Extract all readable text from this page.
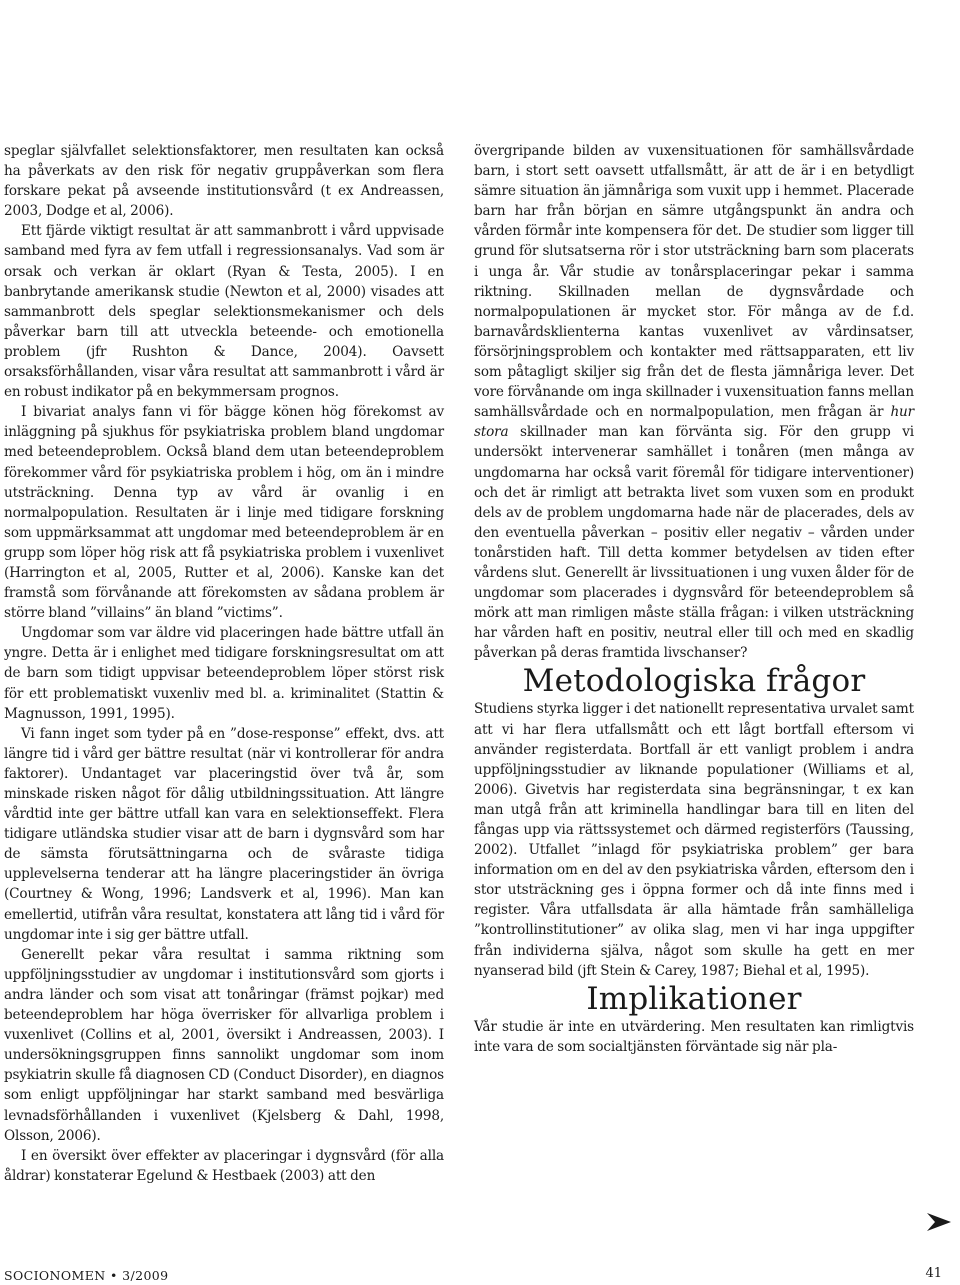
speglar självfallet selektionsfaktorer, men resultaten kan också ha påverkats av den risk för negativ gruppåverkan som flera forskare pekat på avseende institutionsvård (t ex Andreassen, 2003, Dodge et al, 2006).

Ett fjärde viktigt resultat är att sammanbrott i vård uppvisade samband med fyra av fem utfall i regressionsanalys. Vad som är orsak och verkan är oklart (Ryan & Testa, 2005). I en banbrytande amerikansk studie (Newton et al, 2000) visades att sammanbrott dels speglar selektionsmekanismer och dels påverkar barn till att utveckla beteende- och emotionella problem (jfr Rushton & Dance, 2004). Oavsett orsaksförhållanden, visar våra resultat att sammanbrott i vård är en robust indikator på en bekymmersam prognos.

I bivariat analys fann vi för bägge könen hög förekomst av inläggning på sjukhus för psykiatriska problem bland ungdomar med beteendeproblem. Också bland dem utan beteendeproblem förekommer vård för psykiatriska problem i hög, om än i mindre utsträckning. Denna typ av vård är ovanlig i en normalpopulation. Resultaten är i linje med tidigare forskning som uppmärksammat att ungdomar med beteendeproblem är en grupp som löper hög risk att få psykiatriska problem i vuxenlivet (Harrington et al, 2005, Rutter et al, 2006). Kanske kan det framstå som förvånande att förekomsten av sådana problem är större bland ”villains” än bland ”victims”.

Ungdomar som var äldre vid placeringen hade bättre utfall än yngre. Detta är i enlighet med tidigare forskningsresultat om att de barn som tidigt uppvisar beteendeproblem löper störst risk för ett problematiskt vuxenliv med bl. a. kriminalitet (Stattin & Magnusson, 1991, 1995).

Vi fann inget som tyder på en ”dose-response” effekt, dvs. att längre tid i vård ger bättre resultat (när vi kontrollerar för andra faktorer). Undantaget var placeringstid över två år, som minskade risken något för dålig utbildningssituation. Att längre vårdtid inte ger bättre utfall kan vara en selektionseffekt. Flera tidigare utländska studier visar att de barn i dygnsvård som har de sämsta förutsättningarna och de svåraste tidiga upplevelserna tenderar att ha längre placeringstider än övriga (Courtney & Wong, 1996; Landsverk et al, 1996). Man kan emellertid, utifrån våra resultat, konstatera att lång tid i vård för ungdomar inte i sig ger bättre utfall.

Generellt pekar våra resultat i samma riktning som uppföljningsstudier av ungdomar i institutionsvård som gjorts i andra länder och som visat att tonåringar (främst pojkar) med beteendeproblem har höga överrisker för allvarliga problem i vuxenlivet (Collins et al, 2001, översikt i Andreassen, 2003). I undersökningsgruppen finns sannolikt ungdomar som inom psykiatrin skulle få diagnosen CD (Conduct Disorder), en diagnos som enligt uppföljningar har starkt samband med besvärliga levnadsförhållanden i vuxenlivet (Kjelsberg & Dahl, 1998, Olsson, 2006).

I en översikt över effekter av placeringar i dygnsvård (för alla åldrar) konstaterar Egelund & Hestbaek (2003) att den

övergripande bilden av vuxensituationen för samhällsvårdade barn, i stort sett oavsett utfallsmått, är att de är i en betydligt sämre situation än jämnåriga som vuxit upp i hemmet. Placerade barn har från början en sämre utgångspunkt än andra och vården förmår inte kompensera för det. De studier som ligger till grund för slutsatserna rör i stor utsträckning barn som placerats i unga år. Vår studie av tonårsplaceringar pekar i samma riktning. Skillnaden mellan de dygnsvårdade och normalpopulationen är mycket stor. För många av de f.d. barnavårdsklienterna kantas vuxenlivet av vårdinsatser, försörjningsproblem och kontakter med rättsapparaten, ett liv som påtagligt skiljer sig från det de flesta jämnåriga lever. Det vore förvånande om inga skillnader i vuxensituation fanns mellan samhällsvårdade och en normalpopulation, men frågan är hur stora skillnader man kan förvänta sig. För den grupp vi undersökt intervenerar samhället i tonåren (men många av ungdomarna har också varit föremål för tidigare interventioner) och det är rimligt att betrakta livet som vuxen som en produkt dels av de problem ungdomarna hade när de placerades, dels av den eventuella påverkan – positiv eller negativ – vården under tonårstiden haft. Till detta kommer betydelsen av tiden efter vårdens slut. Generellt är livssituationen i ung vuxen ålder för de ungdomar som placerades i dygnsvård för beteendeproblem så mörk att man rimligen måste ställa frågan: i vilken utsträckning har vården haft en positiv, neutral eller till och med en skadlig påverkan på deras framtida livschanser?

Metodologiska frågor

Studiens styrka ligger i det nationellt representativa urvalet samt att vi har flera utfallsmått och ett lågt bortfall eftersom vi använder registerdata. Bortfall är ett vanligt problem i andra uppföljningsstudier av liknande populationer (Williams et al, 2006). Givetvis har registerdata sina begränsningar, t ex kan man utgå från att kriminella handlingar bara till en liten del fångas upp via rättssystemet och därmed registerförs (Taussing, 2002). Utfallet ”inlagd för psykiatriska problem” ger bara information om en del av den psykiatriska vården, eftersom den i stor utsträckning ges i öppna former och då inte finns med i register. Våra utfallsdata är alla hämtade från samhälleliga ”kontrollinstitutioner” av olika slag, men vi har inga uppgifter från individerna själva, något som skulle ha gett en mer nyanserad bild (jft Stein & Carey, 1987; Biehal et al, 1995).

Implikationer

Vår studie är inte en utvärdering. Men resultaten kan rimligtvis inte vara de som socialtjänsten förväntade sig när pla-

SOCIONOMEN • 3/2009	41
